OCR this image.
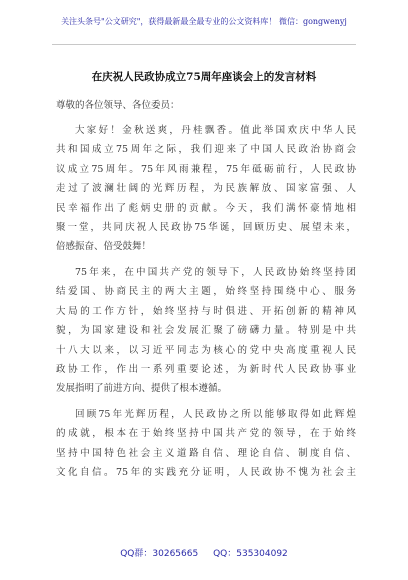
关注头条号"公文研究"，获得最新最全最专业的公文资料库！ 微信：gongwenyj
在庆祝人民政协成立75周年座谈会上的发言材料
尊敬的各位领导、各位委员：
大家好！金秋送爽，丹桂飘香。值此举国欢庆中华人民
共和国成立75周年之际，我们迎来了中国人民政治协商会
议成立75周年。75年风雨兼程，75年砥砺前行，人民政协
走过了波澜壮阔的光辉历程，为民族解放、国家富强、人
民幸福作出了彪炳史册的贡献。今天，我们满怀豪情地相
聚一堂，共同庆祝人民政协75华诞，回顾历史、展望未来，
倍感振奋、倍受鼓舞！
75年来，在中国共产党的领导下，人民政协始终坚持团
结爱国、协商民主的两大主题，始终坚持围绕中心、服务
大局的工作方针，始终坚持与时俱进、开拓创新的精神风
貌，为国家建设和社会发展汇聚了磅礴力量。特别是中共
十八大以来，以习近平同志为核心的党中央高度重视人民
政协工作，作出一系列重要论述，为新时代人民政协事业
发展指明了前进方向、提供了根本遵循。
回顾75年光辉历程，人民政协之所以能够取得如此辉煌
的成就，根本在于始终坚持中国共产党的领导，在于始终
坚持中国特色社会主义道路自信、理论自信、制度自信、
文化自信。75年的实践充分证明，人民政协不愧为社会主
QQ群：30265665 QQ：535304092
